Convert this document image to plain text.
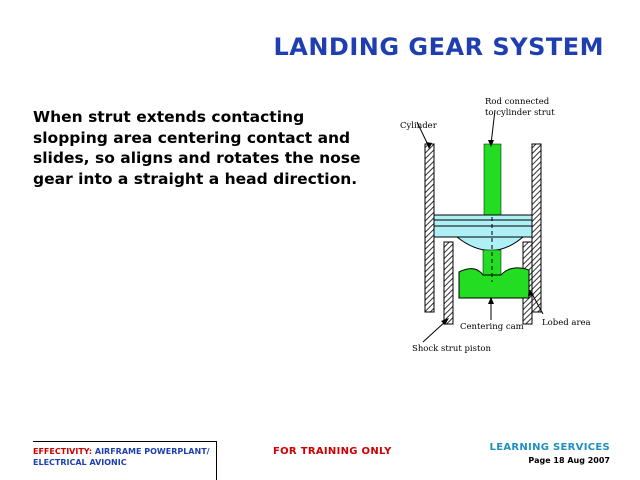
LANDING GEAR SYSTEM
When strut extends contacting slopping area centering contact and slides, so aligns and rotates the nose gear into a straight a head direction.
Cylinder
Rod connected
to cylinder strut
Lobed area
Centering cam
Shock strut piston
EFFECTIVITY: AIRFRAME POWERPLANT/
ELECTRICAL AVIONIC
FOR TRAINING ONLY	LEARNING SERVICES
Page 18 Aug 2007
